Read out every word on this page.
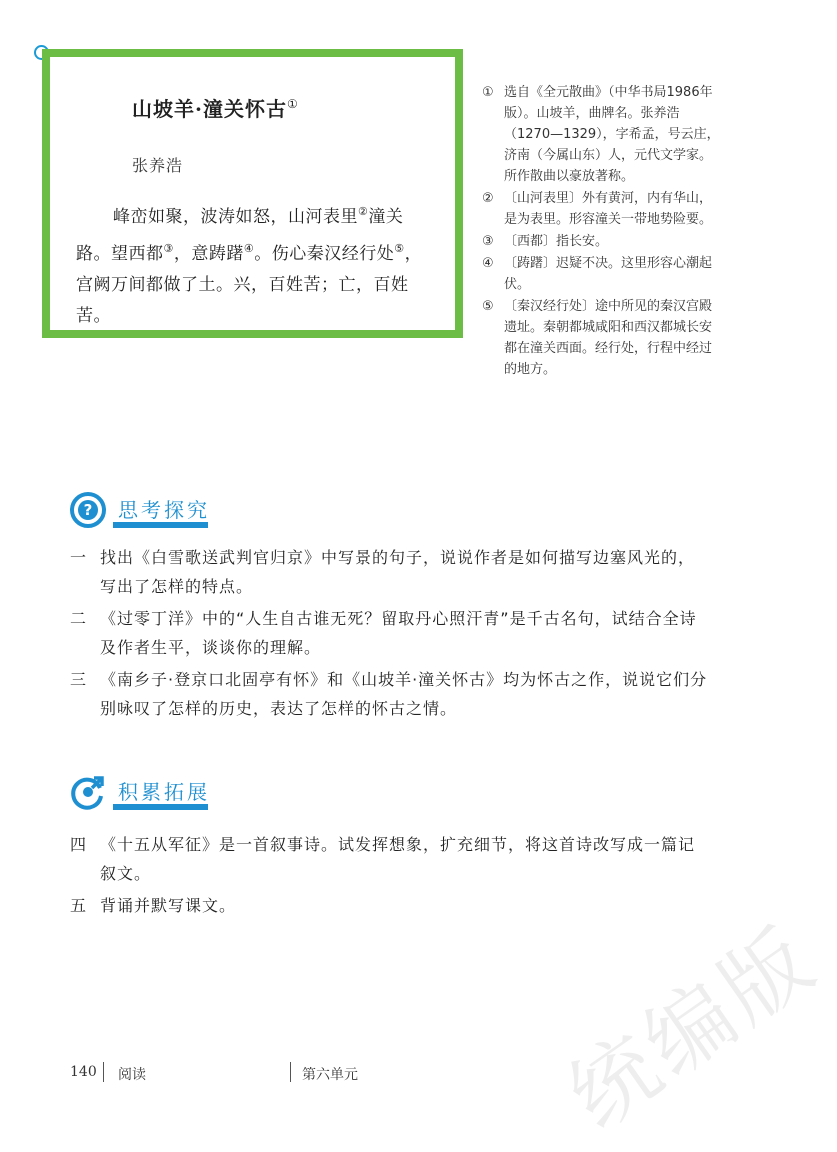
统编版
山坡羊·潼关怀古①
张养浩
峰峦如聚，波涛如怒，山河表里②潼关路。望西都③，意踌躇④。伤心秦汉经行处⑤，宫阙万间都做了土。兴，百姓苦；亡，百姓苦。
① 选自《全元散曲》（中华书局1986年版）。山坡羊，曲牌名。张养浩（1270—1329），字希孟，号云庄，济南（今属山东）人，元代文学家。所作散曲以豪放著称。
② 〔山河表里〕外有黄河，内有华山，是为表里。形容潼关一带地势险要。
③ 〔西都〕指长安。
④ 〔踌躇〕迟疑不决。这里形容心潮起伏。
⑤ 〔秦汉经行处〕途中所见的秦汉宫殿遗址。秦朝都城咸阳和西汉都城长安都在潼关西面。经行处，行程中经过的地方。
? 思考探究
一 找出《白雪歌送武判官归京》中写景的句子，说说作者是如何描写边塞风光的，写出了怎样的特点。
二 《过零丁洋》中的“人生自古谁无死？留取丹心照汗青”是千古名句，试结合全诗及作者生平，谈谈你的理解。
三 《南乡子·登京口北固亭有怀》和《山坡羊·潼关怀古》均为怀古之作，说说它们分别咏叹了怎样的历史，表达了怎样的怀古之情。
积累拓展
四 《十五从军征》是一首叙事诗。试发挥想象，扩充细节，将这首诗改写成一篇记叙文。
五 背诵并默写课文。
140 阅读	第六单元
